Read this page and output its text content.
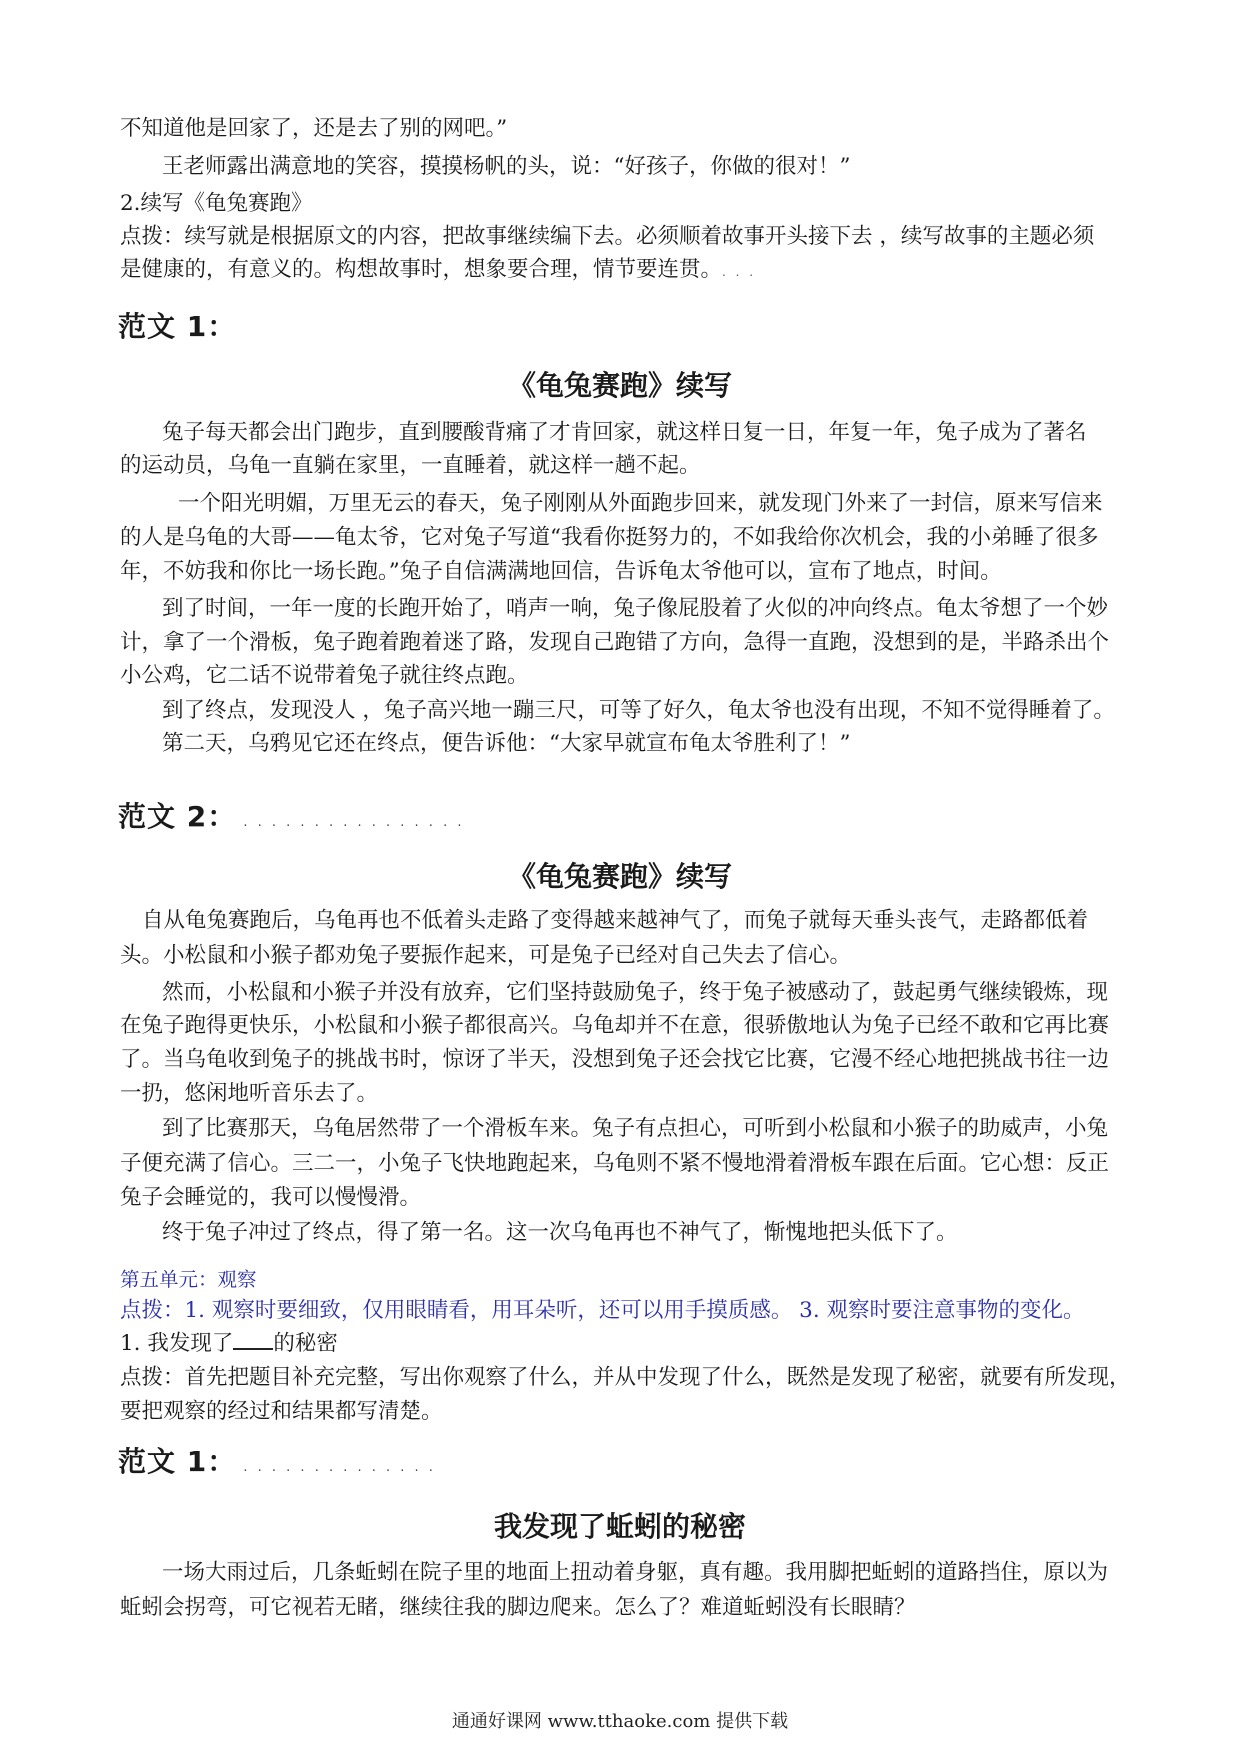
不知道他是回家了，还是去了别的网吧。”
王老师露出满意地的笑容，摸摸杨帆的头，说：“好孩子，你做的很对！”
2.续写《龟兔赛跑》
点拨：续写就是根据原文的内容，把故事继续编下去。必须顺着故事开头接下去 ，续写故事的主题必须
是健康的，有意义的。构想故事时，想象要合理，情节要连贯。. . .
范文 1：
《龟兔赛跑》续写
兔子每天都会出门跑步，直到腰酸背痛了才肯回家，就这样日复一日，年复一年，兔子成为了著名
的运动员，乌龟一直躺在家里，一直睡着，就这样一趟不起。
一个阳光明媚，万里无云的春天，兔子刚刚从外面跑步回来，就发现门外来了一封信，原来写信来
的人是乌龟的大哥——龟太爷，它对兔子写道“我看你挺努力的，不如我给你次机会，我的小弟睡了很多
年，不妨我和你比一场长跑。”兔子自信满满地回信，告诉龟太爷他可以，宣布了地点，时间。
到了时间，一年一度的长跑开始了，哨声一响，兔子像屁股着了火似的冲向终点。龟太爷想了一个妙
计，拿了一个滑板，兔子跑着跑着迷了路，发现自己跑错了方向，急得一直跑，没想到的是，半路杀出个
小公鸡，它二话不说带着兔子就往终点跑。
到了终点，发现没人 ，兔子高兴地一蹦三尺，可等了好久，龟太爷也没有出现，不知不觉得睡着了。
第二天，乌鸦见它还在终点，便告诉他：“大家早就宣布龟太爷胜利了！”
范文 2： . . . . . . . . . . . . . . . .
《龟兔赛跑》续写
自从龟兔赛跑后，乌龟再也不低着头走路了变得越来越神气了，而兔子就每天垂头丧气，走路都低着
头。小松鼠和小猴子都劝兔子要振作起来，可是兔子已经对自己失去了信心。
然而，小松鼠和小猴子并没有放弃，它们坚持鼓励兔子，终于兔子被感动了，鼓起勇气继续锻炼，现
在兔子跑得更快乐，小松鼠和小猴子都很高兴。乌龟却并不在意，很骄傲地认为兔子已经不敢和它再比赛
了。当乌龟收到兔子的挑战书时，惊讶了半天，没想到兔子还会找它比赛，它漫不经心地把挑战书往一边
一扔，悠闲地听音乐去了。
到了比赛那天，乌龟居然带了一个滑板车来。兔子有点担心，可听到小松鼠和小猴子的助威声，小兔
子便充满了信心。三二一，小兔子飞快地跑起来，乌龟则不紧不慢地滑着滑板车跟在后面。它心想：反正
兔子会睡觉的，我可以慢慢滑。
终于兔子冲过了终点，得了第一名。这一次乌龟再也不神气了，惭愧地把头低下了。
第五单元：观察
点拨：1. 观察时要细致，仅用眼睛看，用耳朵听，还可以用手摸质感。 3. 观察时要注意事物的变化。
1. 我发现了 的秘密
点拨：首先把题目补充完整，写出你观察了什么，并从中发现了什么，既然是发现了秘密，就要有所发现，
要把观察的经过和结果都写清楚。
范文 1： . . . . . . . . . . . . . .
我发现了蚯蚓的秘密
一场大雨过后，几条蚯蚓在院子里的地面上扭动着身躯，真有趣。我用脚把蚯蚓的道路挡住，原以为
蚯蚓会拐弯，可它视若无睹，继续往我的脚边爬来。怎么了？难道蚯蚓没有长眼睛？
通通好课网 www.tthaoke.com 提供下载
